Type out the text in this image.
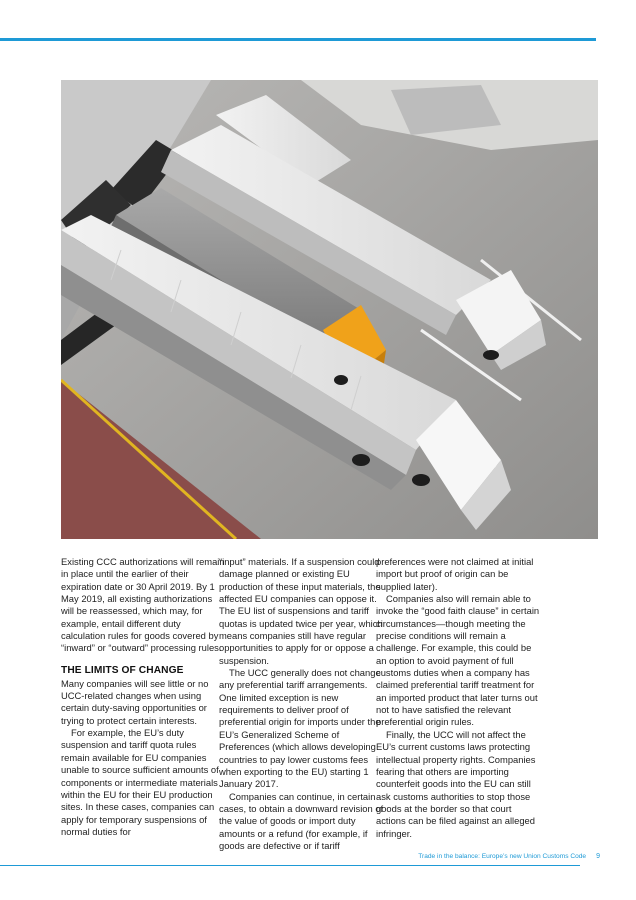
Existing CCC authorizations will remain in place until the earlier of their expiration date or 30 April 2019. By 1 May 2019, all existing authorizations will be reassessed, which may, for example, entail different duty calculation rules for goods covered by “inward” or “outward” processing rules.

THE LIMITS OF CHANGE

Many companies will see little or no UCC-related changes when using certain duty-saving opportunities or trying to protect certain interests.

For example, the EU’s duty suspension and tariff quota rules remain available for EU companies unable to source sufficient amounts of components or intermediate materials within the EU for their EU production sites. In these cases, companies can apply for temporary suspensions of normal duties for

“input” materials. If a suspension could damage planned or existing EU production of these input materials, the affected EU companies can oppose it. The EU list of suspensions and tariff quotas is updated twice per year, which means companies still have regular opportunities to apply for or oppose a suspension.

The UCC generally does not change any preferential tariff arrangements. One limited exception is new requirements to deliver proof of preferential origin for imports under the EU’s Generalized Scheme of Preferences (which allows developing countries to pay lower customs fees when exporting to the EU) starting 1 January 2017.

Companies can continue, in certain cases, to obtain a downward revision of the value of goods or import duty amounts or a refund (for example, if goods are defective or if tariff

preferences were not claimed at initial import but proof of origin can be supplied later).

Companies also will remain able to invoke the “good faith clause” in certain circumstances—though meeting the precise conditions will remain a challenge. For example, this could be an option to avoid payment of full customs duties when a company has claimed preferential tariff treatment for an imported product that later turns out not to have satisfied the relevant preferential origin rules.

Finally, the UCC will not affect the EU’s current customs laws protecting intellectual property rights. Companies fearing that others are importing counterfeit goods into the EU can still ask customs authorities to stop those goods at the border so that court actions can be filed against an alleged infringer.

Trade in the balance: Europe’s new Union Customs Code 9
